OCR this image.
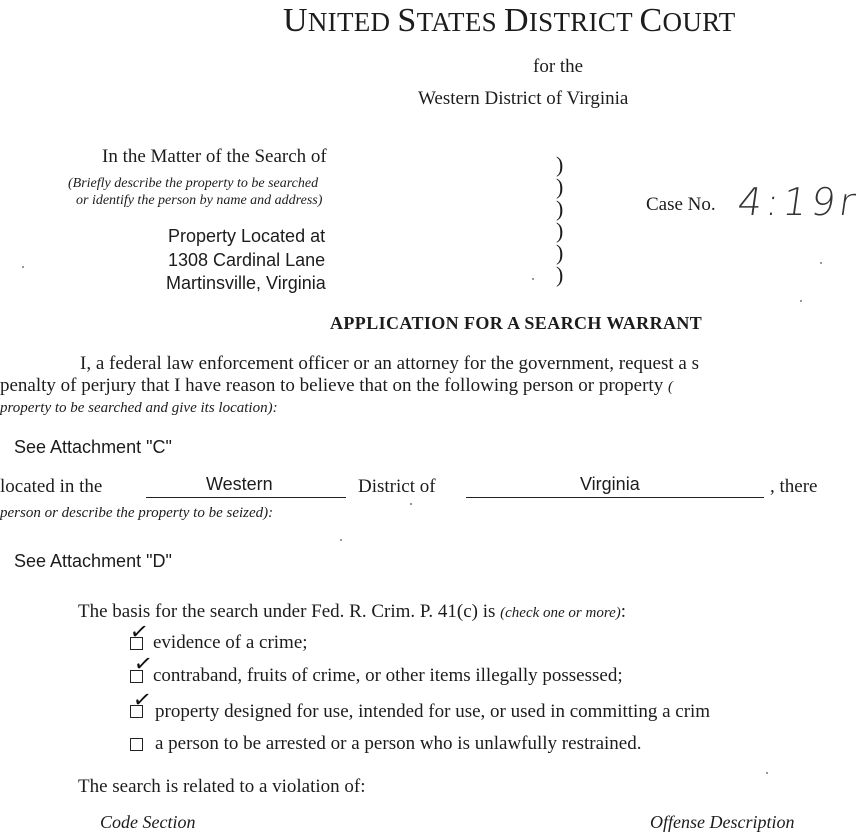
UNITED STATES DISTRICT COURT
for the
Western District of Virginia
In the Matter of the Search of
(Briefly describe the property to be searched
or identify the person by name and address)
Property Located at
1308 Cardinal Lane
Martinsville, Virginia
)
)
)
)
)
)
Case No. 4:19r
APPLICATION FOR A SEARCH WARRANT
I, a federal law enforcement officer or an attorney for the government, request a s
penalty of perjury that I have reason to believe that on the following person or property (
property to be searched and give its location):
See Attachment "C"
located in the	Western	District of	Virginia	, there
person or describe the property to be seized):
See Attachment "D"
The basis for the search under Fed. R. Crim. P. 41(c) is (check one or more):
✓ evidence of a crime;
✓
contraband, fruits of crime, or other items illegally possessed;
✓ property designed for use, intended for use, or used in committing a crim
a person to be arrested or a person who is unlawfully restrained.
The search is related to a violation of:
Code Section	Offense Description
